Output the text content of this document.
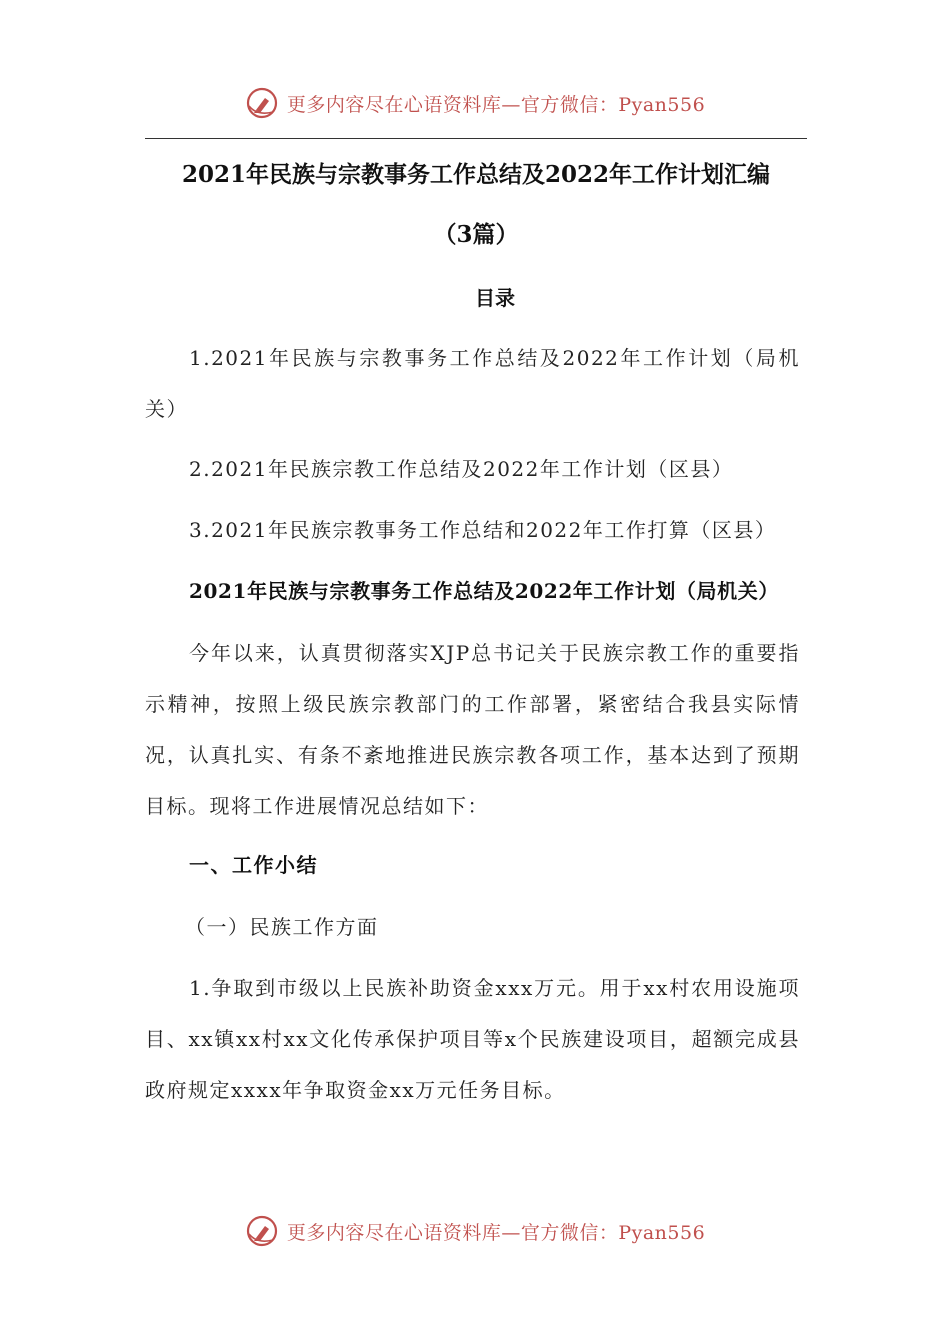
更多内容尽在心语资料库—官方微信：Pyan556
2021年民族与宗教事务工作总结及2022年工作计划汇编
（3篇）
目录

1.2021年民族与宗教事务工作总结及2022年工作计划（局机关）

2.2021年民族宗教工作总结及2022年工作计划（区县）

3.2021年民族宗教事务工作总结和2022年工作打算（区县）

2021年民族与宗教事务工作总结及2022年工作计划（局机关）

今年以来，认真贯彻落实XJP总书记关于民族宗教工作的重要指示精神，按照上级民族宗教部门的工作部署，紧密结合我县实际情况，认真扎实、有条不紊地推进民族宗教各项工作，基本达到了预期目标。现将工作进展情况总结如下：

一、工作小结

（一）民族工作方面

1.争取到市级以上民族补助资金xxx万元。用于xx村农用设施项目、xx镇xx村xx文化传承保护项目等x个民族建设项目，超额完成县政府规定xxxx年争取资金xx万元任务目标。

更多内容尽在心语资料库—官方微信：Pyan556
